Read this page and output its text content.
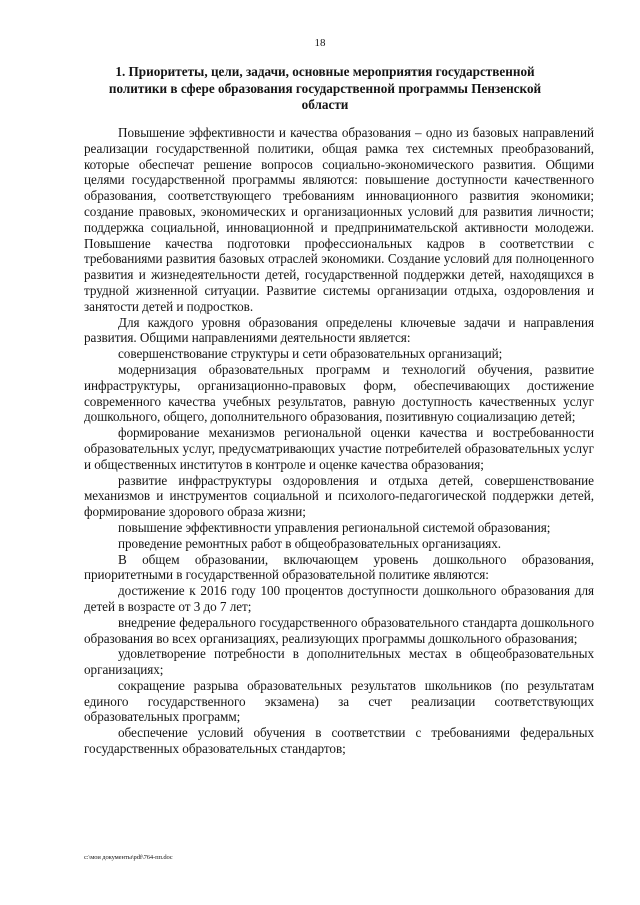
18
1. Приоритеты, цели, задачи, основные мероприятия государственной политики в сфере образования государственной программы Пензенской области

Повышение эффективности и качества образования – одно из базовых направлений реализации государственной политики, общая рамка тех системных преобразований, которые обеспечат решение вопросов социально-экономического развития. Общими целями государственной программы являются: повышение доступности качественного образования, соответствующего требованиям инновационного развития экономики; создание правовых, экономических и организационных условий для развития личности; поддержка социальной, инновационной и предпринимательской активности молодежи. Повышение качества подготовки профессиональных кадров в соответствии с требованиями развития базовых отраслей экономики. Создание условий для полноценного развития и жизнедеятельности детей, государственной поддержки детей, находящихся в трудной жизненной ситуации. Развитие системы организации отдыха, оздоровления и занятости детей и подростков.

Для каждого уровня образования определены ключевые задачи и направления развития. Общими направлениями деятельности является:

совершенствование структуры и сети образовательных организаций;

модернизация образовательных программ и технологий обучения, развитие инфраструктуры, организационно-правовых форм, обеспечивающих достижение современного качества учебных результатов, равную доступность качественных услуг дошкольного, общего, дополнительного образования, позитивную социализацию детей;

формирование механизмов региональной оценки качества и востребованности образовательных услуг, предусматривающих участие потребителей образовательных услуг и общественных институтов в контроле и оценке качества образования;

развитие инфраструктуры оздоровления и отдыха детей, совершенствование механизмов и инструментов социальной и психолого-педагогической поддержки детей, формирование здорового образа жизни;

повышение эффективности управления региональной системой образования;

проведение ремонтных работ в общеобразовательных организациях.

В общем образовании, включающем уровень дошкольного образования, приоритетными в государственной образовательной политике являются:

достижение к 2016 году 100 процентов доступности дошкольного образования для детей в возрасте от 3 до 7 лет;

внедрение федерального государственного образовательного стандарта дошкольного образования во всех организациях, реализующих программы дошкольного образования;

удовлетворение потребности в дополнительных местах в общеобразовательных организациях;

сокращение разрыва образовательных результатов школьников (по результатам единого государственного экзамена) за счет реализации соответствующих образовательных программ;

обеспечение условий обучения в соответствии с требованиями федеральных государственных образовательных стандартов;

c:\мои документы\pdf\764-пп.doc
